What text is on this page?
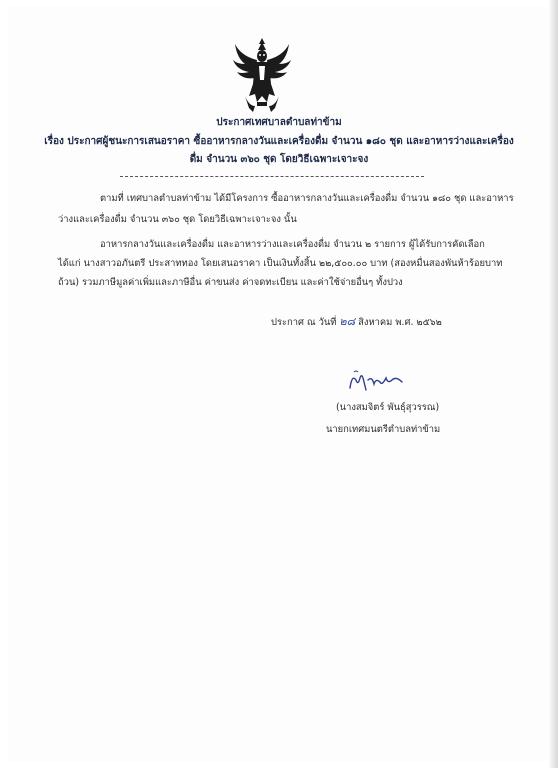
ประกาศเทศบาลตำบลท่าข้าม
เรื่อง ประกาศผู้ชนะการเสนอราคา ซื้ออาหารกลางวันและเครื่องดื่ม จำนวน ๑๘๐ ชุด และอาหารว่างและเครื่อง
ดื่ม จำนวน ๓๖๐ ชุด โดยวิธีเฉพาะเจาะจง
ตามที่ เทศบาลตำบลท่าข้าม ได้มีโครงการ ซื้ออาหารกลางวันและเครื่องดื่ม จำนวน ๑๘๐ ชุด และอาหาร
ว่างและเครื่องดื่ม จำนวน ๓๖๐ ชุด โดยวิธีเฉพาะเจาะจง นั้น
อาหารกลางวันและเครื่องดื่ม และอาหารว่างและเครื่องดื่ม จำนวน ๒ รายการ ผู้ได้รับการคัดเลือก
ได้แก่ นางสาวอภันตรี ประสาททอง โดยเสนอราคา เป็นเงินทั้งสิ้น ๒๒,๕๐๐.๐๐ บาท (สองหมื่นสองพันห้าร้อยบาท
ถ้วน) รวมภาษีมูลค่าเพิ่มและภาษีอื่น ค่าขนส่ง ค่าจดทะเบียน และค่าใช้จ่ายอื่นๆ ทั้งปวง
ประกาศ ณ วันที่ ๒๘ สิงหาคม พ.ศ. ๒๕๖๒
(นางสมจิตร์ พันธุ์สุวรรณ)
นายกเทศมนตรีตำบลท่าข้าม
